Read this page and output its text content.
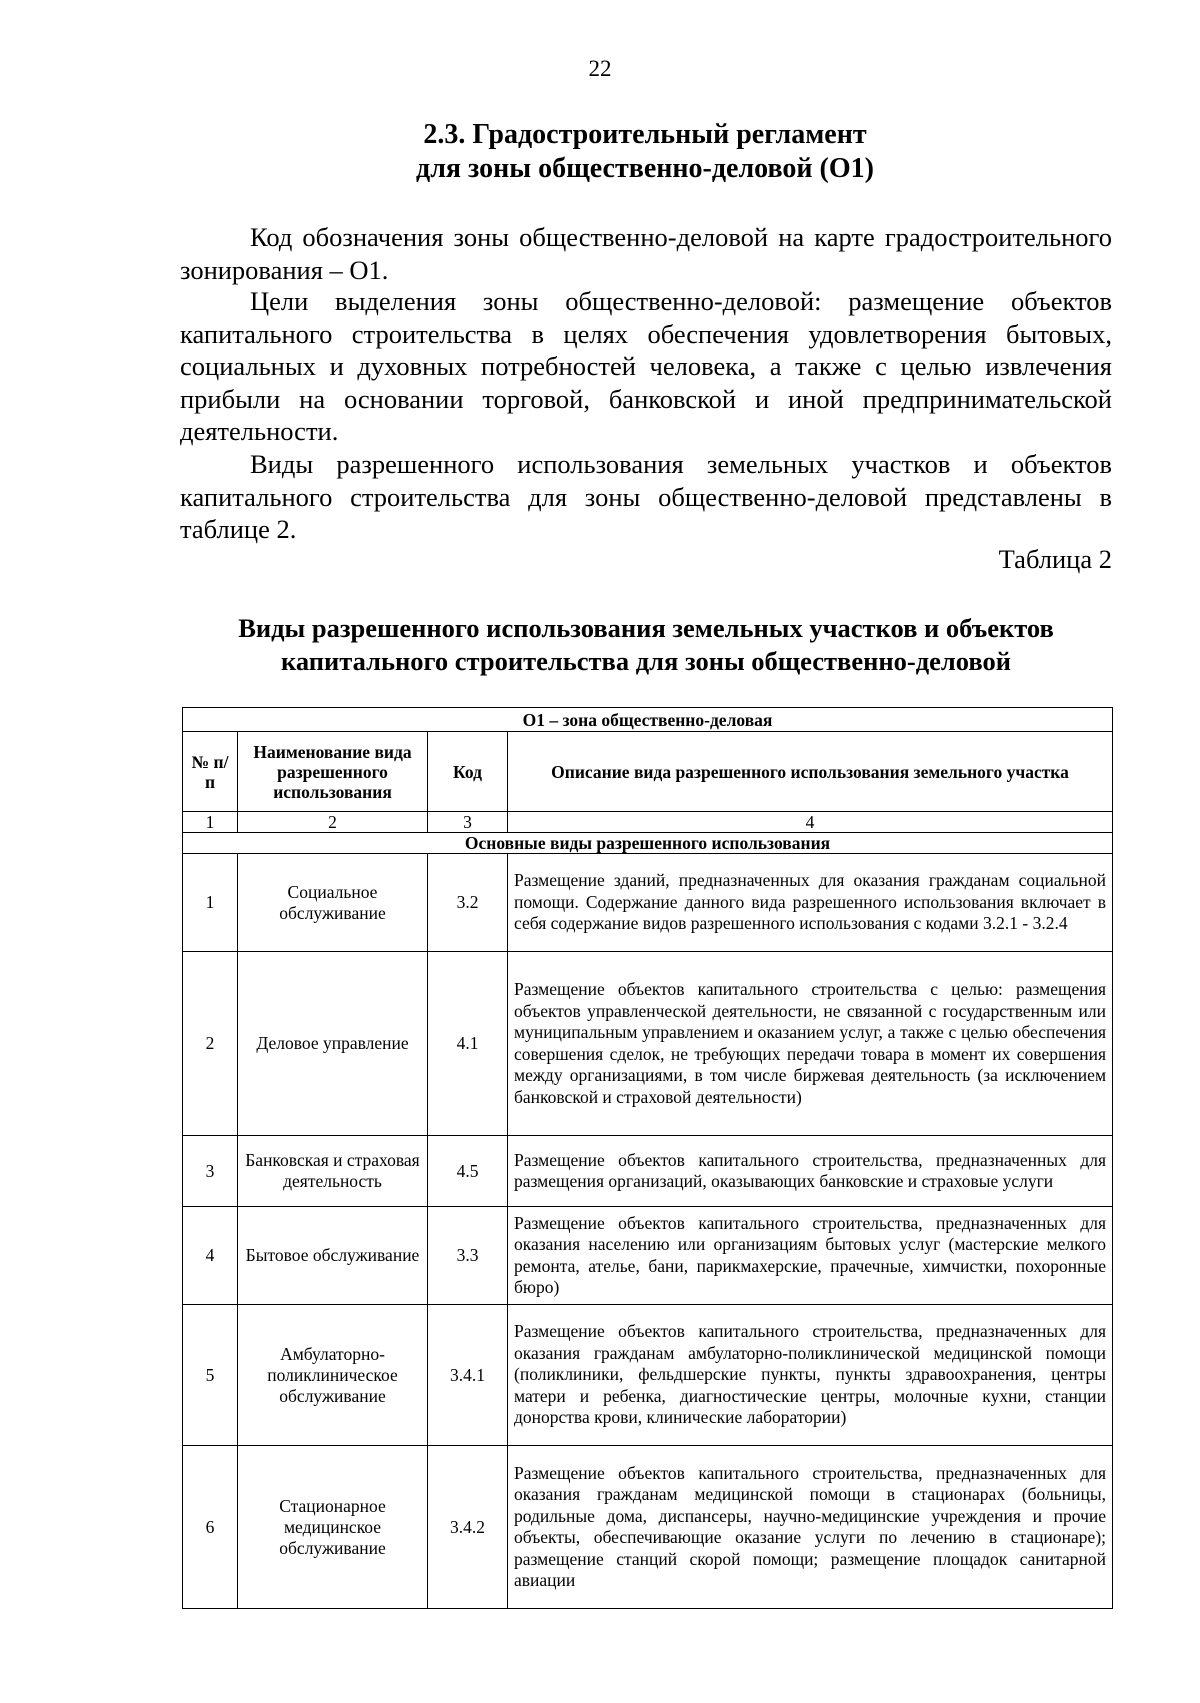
22
2.3. Градостроительный регламент
для зоны общественно-деловой (О1)

Код обозначения зоны общественно-деловой на карте градостроительного зонирования – О1.

Цели выделения зоны общественно-деловой: размещение объектов капитального строительства в целях обеспечения удовлетворения бытовых, социальных и духовных потребностей человека, а также с целью извлечения прибыли на основании торговой, банковской и иной предпринимательской деятельности.

Виды разрешенного использования земельных участков и объектов капитального строительства для зоны общественно-деловой представлены в таблице 2.

Таблица 2
Виды разрешенного использования земельных участков и объектов
капитального строительства для зоны общественно-деловой
О1 – зона общественно-деловая			
№ п/п	Наименование вида разрешенного использования	Код	Описание вида разрешенного использования земельного участка
1	2	3	4
Основные виды разрешенного использования			
1	Социальное обслуживание	3.2	Размещение зданий, предназначенных для оказания гражданам социальной помощи. Содержание данного вида разрешенного использования включает в себя содержание видов разрешенного использования с кодами 3.2.1 - 3.2.4
2	Деловое управление	4.1	Размещение объектов капитального строительства с целью: размещения объектов управленческой деятельности, не связанной с государственным или муниципальным управлением и оказанием услуг, а также с целью обеспечения совершения сделок, не требующих передачи товара в момент их совершения между организациями, в том числе биржевая деятельность (за исключением банковской и страховой деятельности)
3	Банковская и страховая деятельность	4.5	Размещение объектов капитального строительства, предназначенных для размещения организаций, оказывающих банковские и страховые услуги
4	Бытовое обслуживание	3.3	Размещение объектов капитального строительства, предназначенных для оказания населению или организациям бытовых услуг (мастерские мелкого ремонта, ателье, бани, парикмахерские, прачечные, химчистки, похоронные бюро)
5	Амбулаторно-поликлиническое обслуживание	3.4.1	Размещение объектов капитального строительства, предназначенных для оказания гражданам амбулаторно-поликлинической медицинской помощи (поликлиники, фельдшерские пункты, пункты здравоохранения, центры матери и ребенка, диагностические центры, молочные кухни, станции донорства крови, клинические лаборатории)
6	Стационарное медицинское обслуживание	3.4.2	Размещение объектов капитального строительства, предназначенных для оказания гражданам медицинской помощи в стационарах (больницы, родильные дома, диспансеры, научно-медицинские учреждения и прочие объекты, обеспечивающие оказание услуги по лечению в стационаре); размещение станций скорой помощи; размещение площадок санитарной авиации
